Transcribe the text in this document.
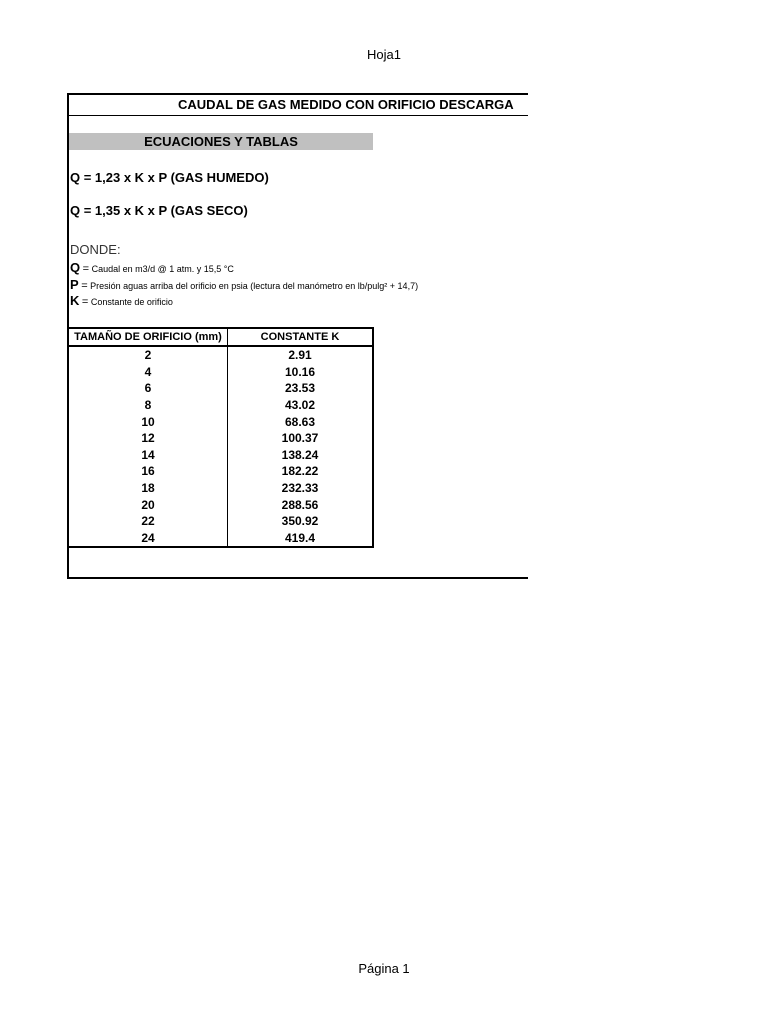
Hoja1
CAUDAL DE GAS MEDIDO CON ORIFICIO DESCARGA
ECUACIONES Y TABLAS
Q = 1,23 x K x P (GAS HUMEDO)
Q = 1,35 x K x P (GAS SECO)
DONDE:
Q = Caudal en m3/d @ 1 atm. y 15,5 °C
P = Presión aguas arriba del orificio en psia (lectura del manómetro en lb/pulg² + 14,7)
K = Constante de orificio
TAMAÑO DE ORIFICIO (mm)	CONSTANTE K
2	2.91
4	10.16
6	23.53
8	43.02
10	68.63
12	100.37
14	138.24
16	182.22
18	232.33
20	288.56
22	350.92
24	419.4
Página 1
